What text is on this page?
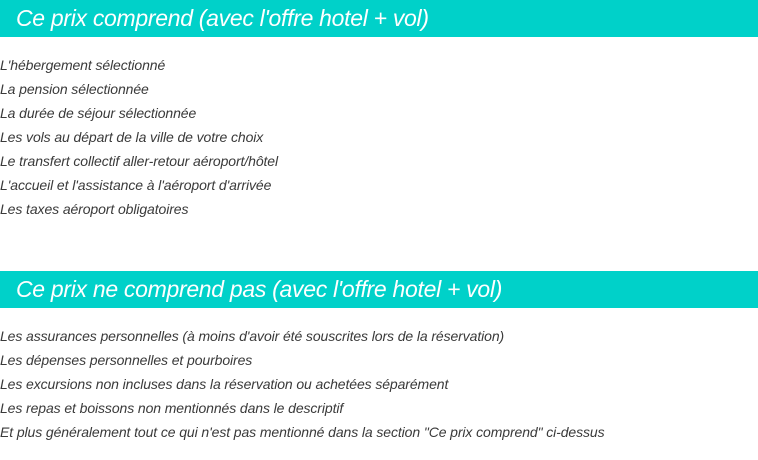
Ce prix comprend (avec l'offre hotel + vol)
L'hébergement sélectionné
La pension sélectionnée
La durée de séjour sélectionnée
Les vols au départ de la ville de votre choix
Le transfert collectif aller-retour aéroport/hôtel
L'accueil et l'assistance à l'aéroport d'arrivée
Les taxes aéroport obligatoires
Ce prix ne comprend pas (avec l'offre hotel + vol)
Les assurances personnelles (à moins d'avoir été souscrites lors de la réservation)
Les dépenses personnelles et pourboires
Les excursions non incluses dans la réservation ou achetées séparément
Les repas et boissons non mentionnés dans le descriptif
Et plus généralement tout ce qui n'est pas mentionné dans la section "Ce prix comprend" ci-dessus
